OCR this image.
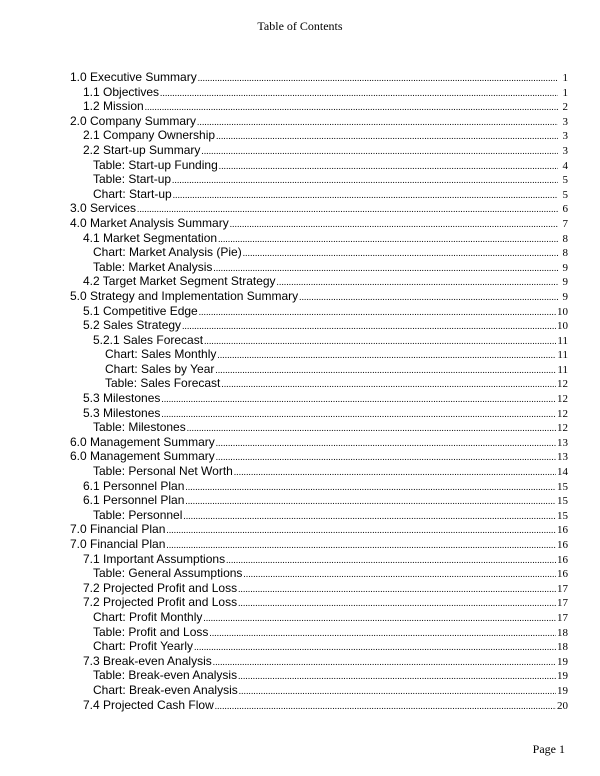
Table of Contents
1.0 Executive Summary .....	1
1.1 Objectives .....	1
1.2 Mission .....	2
2.0 Company Summary .....	3
2.1 Company Ownership .....	3
2.2 Start-up Summary .....	3
Table: Start-up Funding .....	4
Table: Start-up .....	5
Chart: Start-up .....	5
3.0 Services .....	6
4.0 Market Analysis Summary .....	7
4.1 Market Segmentation .....	8
Chart: Market Analysis (Pie) .....	8
Table: Market Analysis .....	9
4.2 Target Market Segment Strategy .....	9
5.0 Strategy and Implementation Summary .....	9
5.1 Competitive Edge .....	10
5.2 Sales Strategy .....	10
5.2.1 Sales Forecast .....	11
Chart: Sales Monthly .....	11
Chart: Sales by Year .....	11
Table: Sales Forecast .....	12
5.3 Milestones .....	12
5.3 Milestones .....	12
Table: Milestones .....	12
6.0 Management Summary .....	13
6.0 Management Summary .....	13
Table: Personal Net Worth .....	14
6.1 Personnel Plan .....	15
6.1 Personnel Plan .....	15
Table: Personnel .....	15
7.0 Financial Plan .....	16
7.0 Financial Plan .....	16
7.1 Important Assumptions .....	16
Table: General Assumptions .....	16
7.2 Projected Profit and Loss .....	17
7.2 Projected Profit and Loss .....	17
Chart: Profit Monthly .....	17
Table: Profit and Loss .....	18
Chart: Profit Yearly .....	18
7.3 Break-even Analysis .....	19
Table: Break-even Analysis .....	19
Chart: Break-even Analysis .....	19
7.4 Projected Cash Flow .....	20
Page 1
